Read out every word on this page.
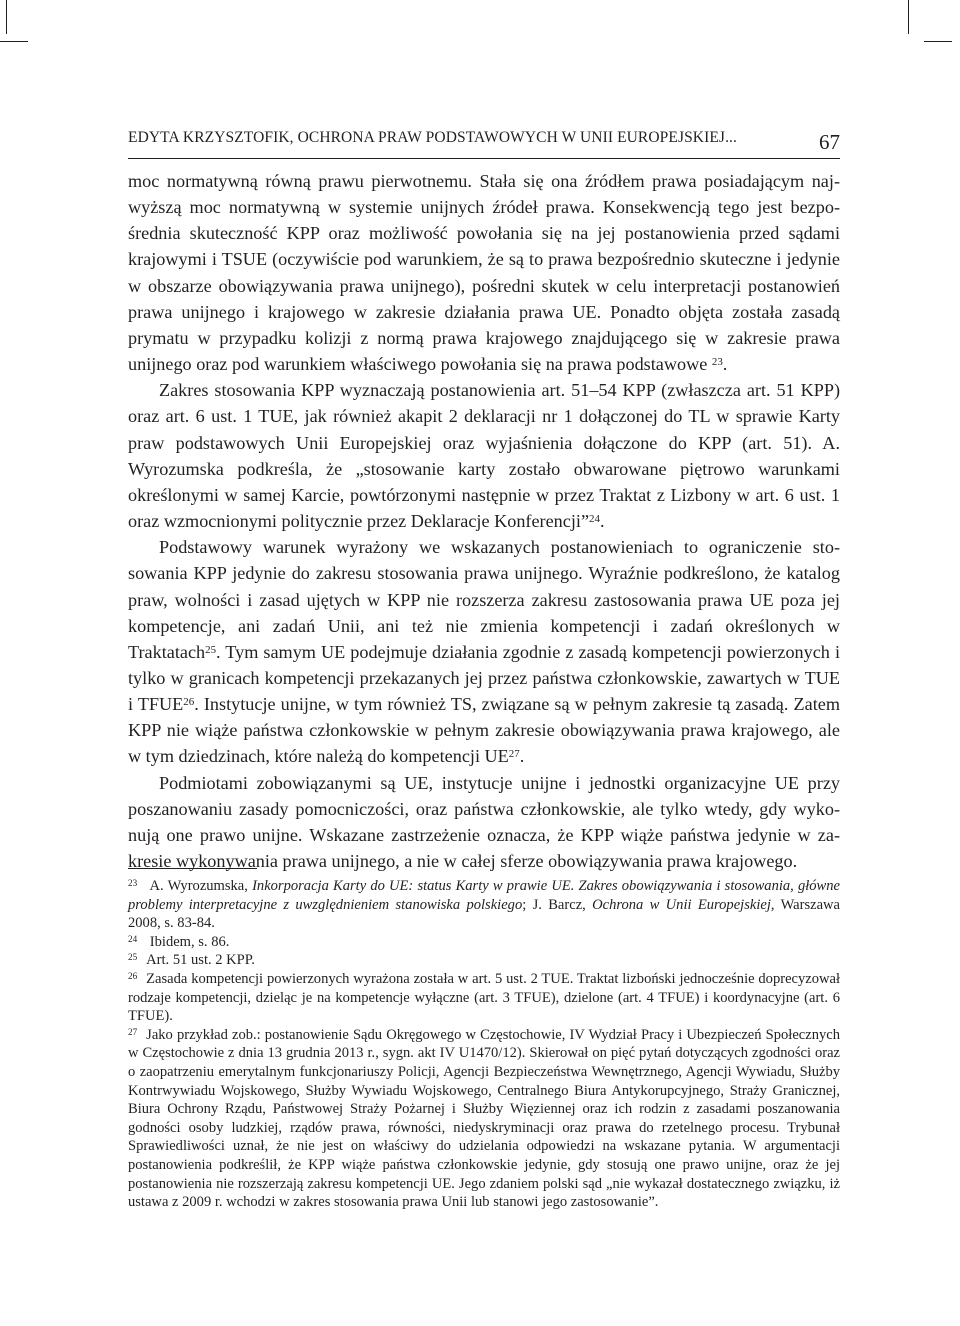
EDYTA KRZYSZTOFIK, OCHRONA PRAW PODSTAWOWYCH W UNII EUROPEJSKIEJ...	67

moc normatywną równą prawu pierwotnemu. Stała się ona źródłem prawa posiadającym najwyższą moc normatywną w systemie unijnych źródeł prawa. Konsekwencją tego jest bezpośrednia skuteczność KPP oraz możliwość powołania się na jej postanowienia przed sądami krajowymi i TSUE (oczywiście pod warunkiem, że są to prawa bezpośrednio skuteczne i jedynie w obszarze obowiązywania prawa unijnego), pośredni skutek w celu interpretacji postanowień prawa unijnego i krajowego w zakresie działania prawa UE. Ponadto objęta została zasadą prymatu w przypadku kolizji z normą prawa krajowego znajdującego się w zakresie prawa unijnego oraz pod warunkiem właściwego powołania się na prawa podstawowe $^{23}$.

Zakres stosowania KPP wyznaczają postanowienia art. 51–54 KPP (zwłaszcza art. 51 KPP) oraz art. 6 ust. 1 TUE, jak również akapit 2 deklaracji nr 1 dołączonej do TL w sprawie Karty praw podstawowych Unii Europejskiej oraz wyjaśnienia dołączone do KPP (art. 51). A. Wyrozumska podkreśla, że „stosowanie karty zostało obwarowane piętrowo warunkami określonymi w samej Karcie, powtórzonymi następnie w przez Traktat z Lizbony w art. 6 ust. 1 oraz wzmocnionymi politycznie przez Deklaracje Konferencji”$^{24}$.

Podstawowy warunek wyrażony we wskazanych postanowieniach to ograniczenie stosowania KPP jedynie do zakresu stosowania prawa unijnego. Wyraźnie podkreślono, że katalog praw, wolności i zasad ujętych w KPP nie rozszerza zakresu zastosowania prawa UE poza jej kompetencje, ani zadań Unii, ani też nie zmienia kompetencji i zadań określonych w Traktatach$^{25}$. Tym samym UE podejmuje działania zgodnie z zasadą kompetencji powierzonych i tylko w granicach kompetencji przekazanych jej przez państwa członkowskie, zawartych w TUE i TFUE$^{26}$. Instytucje unijne, w tym również TS, związane są w pełnym zakresie tą zasadą. Zatem KPP nie wiąże państwa członkowskie w pełnym zakresie obowiązywania prawa krajowego, ale w tym dziedzinach, które należą do kompetencji UE$^{27}$.

Podmiotami zobowiązanymi są UE, instytucje unijne i jednostki organizacyjne UE przy poszanowaniu zasady pomocniczości, oraz państwa członkowskie, ale tylko wtedy, gdy wykonują one prawo unijne. Wskazane zastrzeżenie oznacza, że KPP wiąże państwa jedynie w zakresie wykonywania prawa unijnego, a nie w całej sferze obowiązywania prawa krajowego.

$^{23}$ A. Wyrozumska, Inkorporacja Karty do UE: status Karty w prawie UE. Zakres obowiązywania i stosowania, główne problemy interpretacyjne z uwzględnieniem stanowiska polskiego; J. Barcz, Ochrona w Unii Europejskiej, Warszawa 2008, s. 83-84.

$^{24}$ Ibidem, s. 86.

$^{25}$ Art. 51 ust. 2 KPP.

$^{26}$ Zasada kompetencji powierzonych wyrażona została w art. 5 ust. 2 TUE. Traktat lizboński jednocześnie doprecyzował rodzaje kompetencji, dzieląc je na kompetencje wyłączne (art. 3 TFUE), dzielone (art. 4 TFUE) i koordynacyjne (art. 6 TFUE).

$^{27}$ Jako przykład zob.: postanowienie Sądu Okręgowego w Częstochowie, IV Wydział Pracy i Ubezpieczeń Społecznych w Częstochowie z dnia 13 grudnia 2013 r., sygn. akt IV U1470/12). Skierował on pięć pytań dotyczących zgodności oraz o zaopatrzeniu emerytalnym funkcjonariuszy Policji, Agencji Bezpieczeństwa Wewnętrznego, Agencji Wywiadu, Służby Kontrwywiadu Wojskowego, Służby Wywiadu Wojskowego, Centralnego Biura Antykorupcyjnego, Straży Granicznej, Biura Ochrony Rządu, Państwowej Straży Pożarnej i Służby Więziennej oraz ich rodzin z zasadami poszanowania godności osoby ludzkiej, rządów prawa, równości, niedyskryminacji oraz prawa do rzetelnego procesu. Trybunał Sprawiedliwości uznał, że nie jest on właściwy do udzielania odpowiedzi na wskazane pytania. W argumentacji postanowienia podkreślił, że KPP wiąże państwa członkowskie jedynie, gdy stosują one prawo unijne, oraz że jej postanowienia nie rozszerzają zakresu kompetencji UE. Jego zdaniem polski sąd „nie wykazał dostatecznego związku, iż ustawa z 2009 r. wchodzi w zakres stosowania prawa Unii lub stanowi jego zastosowanie”.
